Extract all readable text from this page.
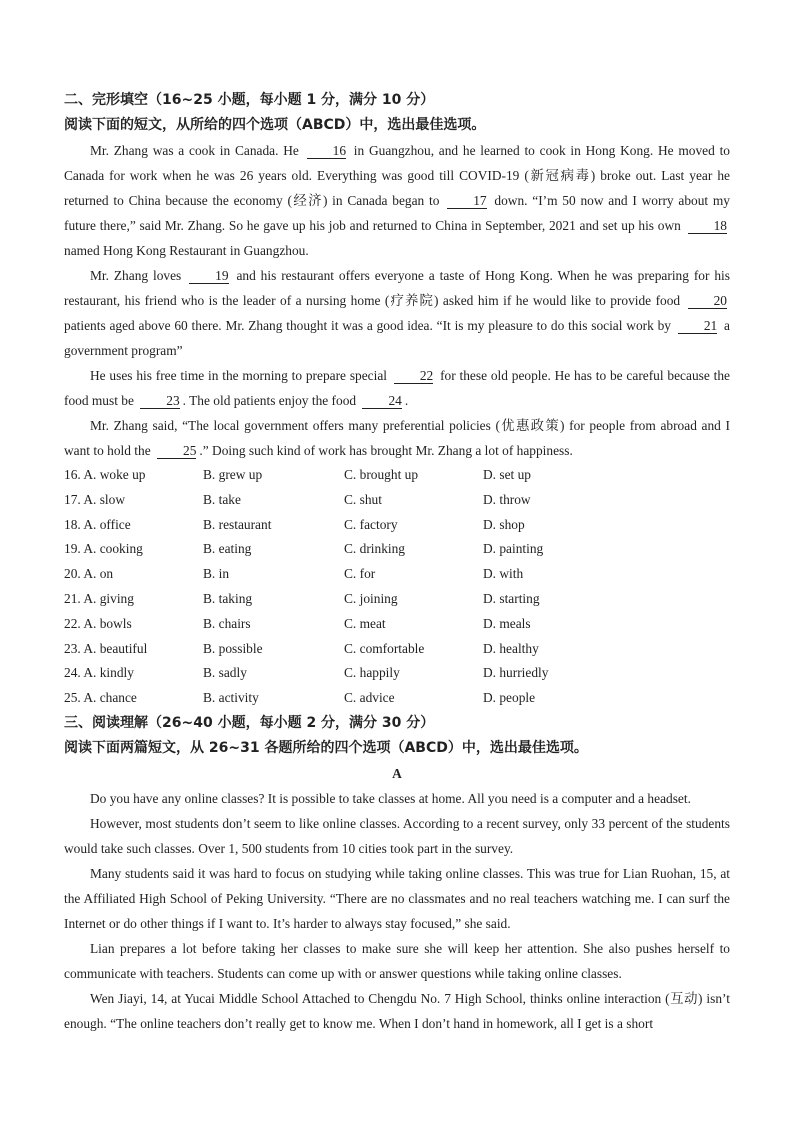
二、完形填空（16~25 小题，每小题 1 分，满分 10 分）
阅读下面的短文，从所给的四个选项（ABCD）中，选出最佳选项。

Mr. Zhang was a cook in Canada. He	16 in Guangzhou, and he learned to cook in Hong Kong. He moved to Canada for work when he was 26 years old. Everything was good till COVID-19 (新冠病毒) broke out. Last year he returned to China because the economy (经济) in Canada began to	17 down. “I’m 50 now and I worry about my future there,” said Mr. Zhang. So he gave up his job and returned to China in September, 2021 and set up his own 18 named Hong Kong Restaurant in Guangzhou.

Mr. Zhang loves	19 and his restaurant offers everyone a taste of Hong Kong. When he was preparing for his restaurant, his friend who is the leader of a nursing home (疗养院) asked him if he would like to provide food 20 patients aged above 60 there. Mr. Zhang thought it was a good idea. “It is my pleasure to do this social work by 21 a government program”

He uses his free time in the morning to prepare special 22 for these old people. He has to be careful because the food must be 23 . The old patients enjoy the food 24 .

Mr. Zhang said, “The local government offers many preferential policies (优惠政策) for people from abroad and I want to hold the 25 .” Doing such kind of work has brought Mr. Zhang a lot of happiness.

16. A. woke up	B. grew up	C. brought up	D. set up
17. A. slow	B. take	C. shut	D. throw
18. A. office	B. restaurant	C. factory	D. shop
19. A. cooking	B. eating	C. drinking	D. painting
20. A. on	B. in	C. for	D. with
21. A. giving	B. taking	C. joining	D. starting
22. A. bowls	B. chairs	C. meat	D. meals
23. A. beautiful	B. possible	C. comfortable	D. healthy
24. A. kindly	B. sadly	C. happily	D. hurriedly
25. A. chance	B. activity	C. advice	D. people
三、阅读理解（26~40 小题，每小题 2 分，满分 30 分）
阅读下面两篇短文，从 26~31 各题所给的四个选项（ABCD）中，选出最佳选项。
A

Do you have any online classes? It is possible to take classes at home. All you need is a computer and a headset.

However, most students don’t seem to like online classes. According to a recent survey, only 33 percent of the students would take such classes. Over 1, 500 students from 10 cities took part in the survey.

Many students said it was hard to focus on studying while taking online classes. This was true for Lian Ruohan, 15, at the Affiliated High School of Peking University. “There are no classmates and no real teachers watching me. I can surf the Internet or do other things if I want to. It’s harder to always stay focused,” she said.

Lian prepares a lot before taking her classes to make sure she will keep her attention. She also pushes herself to communicate with teachers. Students can come up with or answer questions while taking online classes.

Wen Jiayi, 14, at Yucai Middle School Attached to Chengdu No. 7 High School, thinks online interaction (互动) isn’t enough. “The online teachers don’t really get to know me. When I don’t hand in homework, all I get is a short
